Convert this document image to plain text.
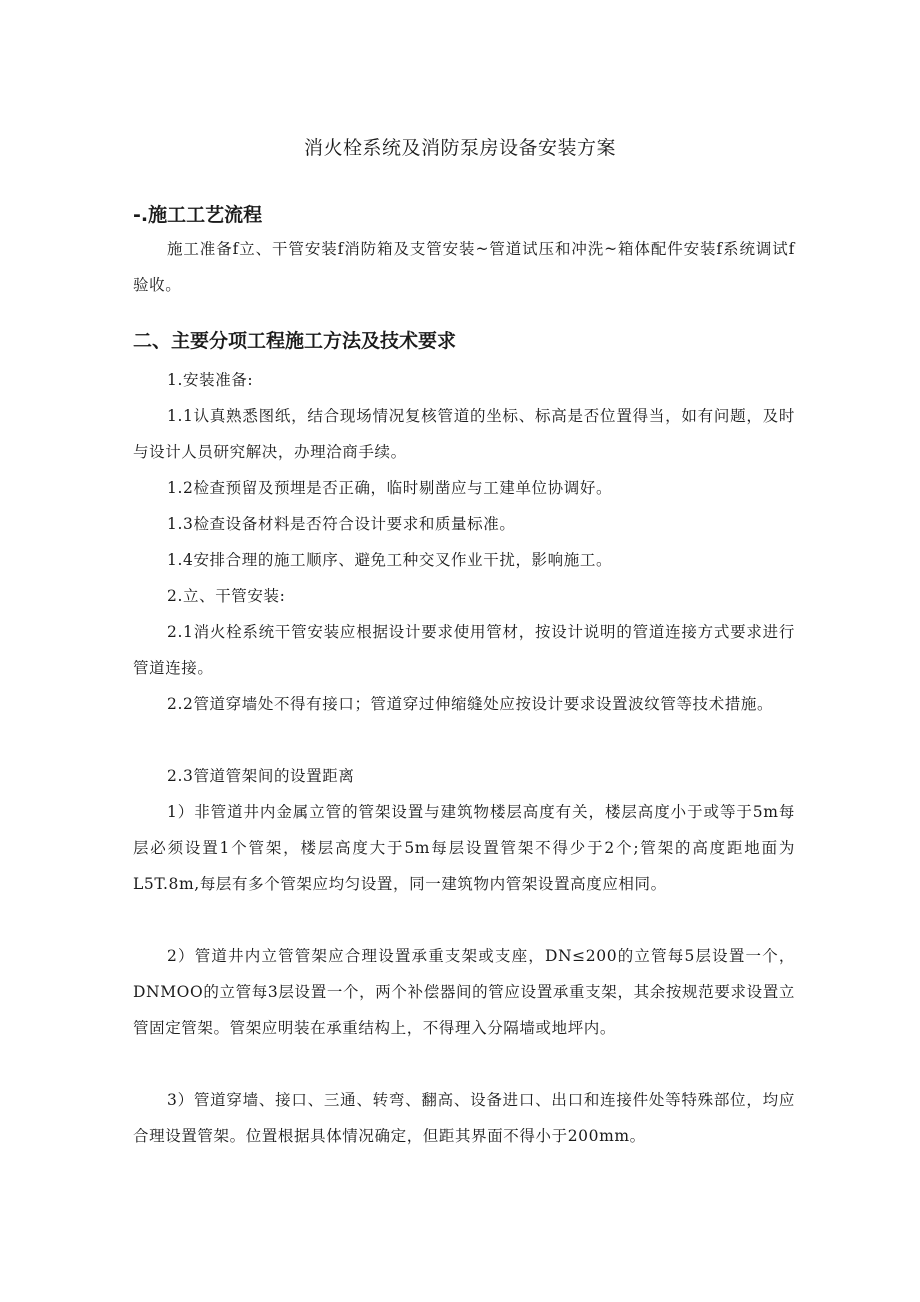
消火栓系统及消防泵房设备安装方案
-.施工工艺流程
施工准备f立、干管安装f消防箱及支管安装~管道试压和冲洗~箱体配件安装f系统调试f验收。
二、主要分项工程施工方法及技术要求
1.安装准备:
1.1认真熟悉图纸，结合现场情况复核管道的坐标、标高是否位置得当，如有问题，及时与设计人员研究解决，办理洽商手续。
1.2检查预留及预埋是否正确，临时剔凿应与工建单位协调好。
1.3检查设备材料是否符合设计要求和质量标准。
1.4安排合理的施工顺序、避免工种交叉作业干扰，影响施工。
2.立、干管安装:
2.1消火栓系统干管安装应根据设计要求使用管材，按设计说明的管道连接方式要求进行管道连接。
2.2管道穿墙处不得有接口；管道穿过伸缩缝处应按设计要求设置波纹管等技术措施。
2.3管道管架间的设置距离
1）非管道井内金属立管的管架设置与建筑物楼层高度有关，楼层高度小于或等于5m每层必须设置1个管架，楼层高度大于5m每层设置管架不得少于2个;管架的高度距地面为L5T.8m,每层有多个管架应均匀设置，同一建筑物内管架设置高度应相同。
2）管道井内立管管架应合理设置承重支架或支座，DN≤200的立管每5层设置一个，DNMOO的立管每3层设置一个，两个补偿器间的管应设置承重支架，其余按规范要求设置立管固定管架。管架应明装在承重结构上，不得理入分隔墙或地坪内。
3）管道穿墙、接口、三通、转弯、翻高、设备进口、出口和连接件处等特殊部位，均应合理设置管架。位置根据具体情况确定，但距其界面不得小于200mm。
